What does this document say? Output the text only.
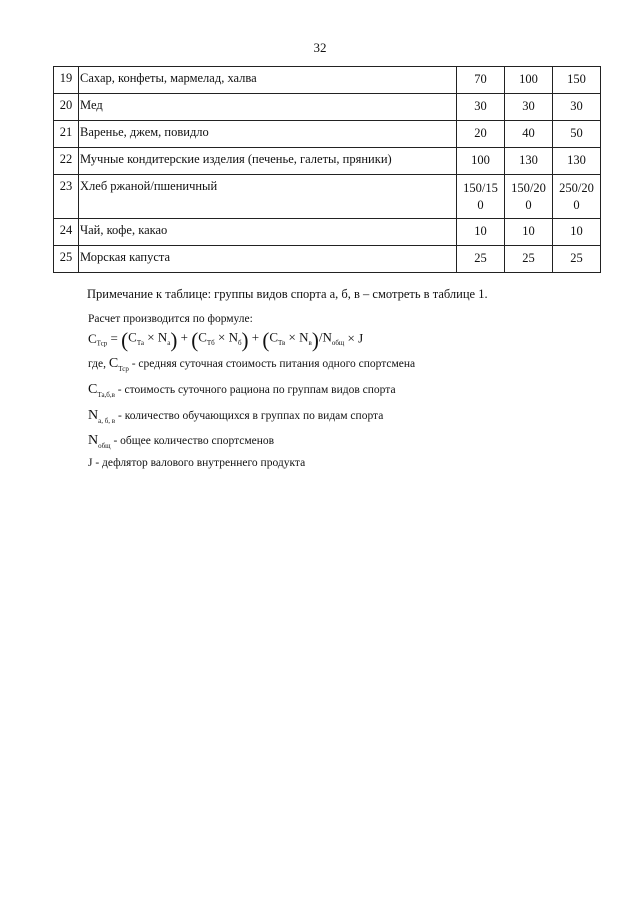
32
19	Сахар, конфеты, мармелад, халва	70	100	150
20	Мед	30	30	30
21	Варенье, джем, повидло	20	40	50
22	Мучные кондитерские изделия (печенье, галеты, пряники)	100	130	130
23	Хлеб ржаной/пшеничный	150/15 0	150/20 0	250/20 0
24	Чай, кофе, какао	10	10	10
25	Морская капуста	25	25	25
Примечание к таблице: группы видов спорта а, б, в – смотреть в таблице 1.
Расчет производится по формуле:
$C_{Тср} = (C_{Та} \times N_а) + (C_{Тб} \times N_б) + (C_{Тв} \times N_в)/N_{общ} \times J$
где, $C_{Тср}$ - средняя суточная стоимость питания одного спортсмена
$C_{Та,б,в}$ - стоимость суточного рациона по группам видов спорта
$N_{а, б, в}$ - количество обучающихся в группах по видам спорта
$N_{общ}$ - общее количество спортсменов
J - дефлятор валового внутреннего продукта
